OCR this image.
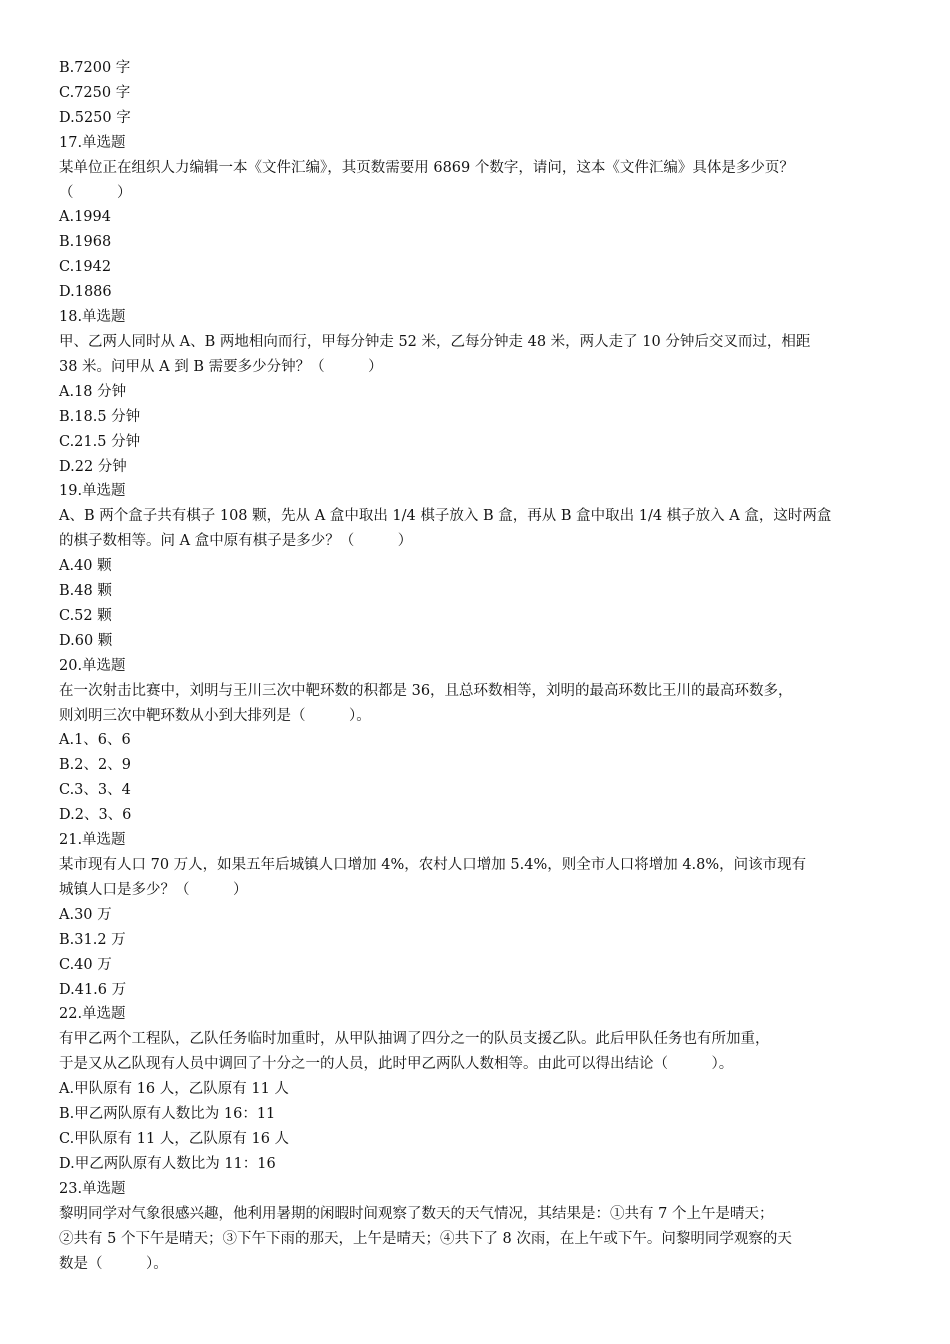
B.7200 字
C.7250 字
D.5250 字
17.单选题
某单位正在组织人力编辑一本《文件汇编》，其页数需要用 6869 个数字，请问，这本《文件汇编》具体是多少页？
（　　　）
A.1994
B.1968
C.1942
D.1886
18.单选题
甲、乙两人同时从 A、B 两地相向而行，甲每分钟走 52 米，乙每分钟走 48 米，两人走了 10 分钟后交叉而过，相距
38 米。问甲从 A 到 B 需要多少分钟？（　　　）
A.18 分钟
B.18.5 分钟
C.21.5 分钟
D.22 分钟
19.单选题
A、B 两个盒子共有棋子 108 颗，先从 A 盒中取出 1/4 棋子放入 B 盒，再从 B 盒中取出 1/4 棋子放入 A 盒，这时两盒
的棋子数相等。问 A 盒中原有棋子是多少？（　　　）
A.40 颗
B.48 颗
C.52 颗
D.60 颗
20.单选题
在一次射击比赛中，刘明与王川三次中靶环数的积都是 36，且总环数相等，刘明的最高环数比王川的最高环数多，
则刘明三次中靶环数从小到大排列是（　　　）。
A.1、6、6
B.2、2、9
C.3、3、4
D.2、3、6
21.单选题
某市现有人口 70 万人，如果五年后城镇人口增加 4%，农村人口增加 5.4%，则全市人口将增加 4.8%，问该市现有
城镇人口是多少？（　　　）
A.30 万
B.31.2 万
C.40 万
D.41.6 万
22.单选题
有甲乙两个工程队，乙队任务临时加重时，从甲队抽调了四分之一的队员支援乙队。此后甲队任务也有所加重，
于是又从乙队现有人员中调回了十分之一的人员，此时甲乙两队人数相等。由此可以得出结论（　　　）。
A.甲队原有 16 人，乙队原有 11 人
B.甲乙两队原有人数比为 16：11
C.甲队原有 11 人，乙队原有 16 人
D.甲乙两队原有人数比为 11：16
23.单选题
黎明同学对气象很感兴趣，他利用暑期的闲暇时间观察了数天的天气情况，其结果是：①共有 7 个上午是晴天；
②共有 5 个下午是晴天；③下午下雨的那天，上午是晴天；④共下了 8 次雨，在上午或下午。问黎明同学观察的天
数是（　　　）。
